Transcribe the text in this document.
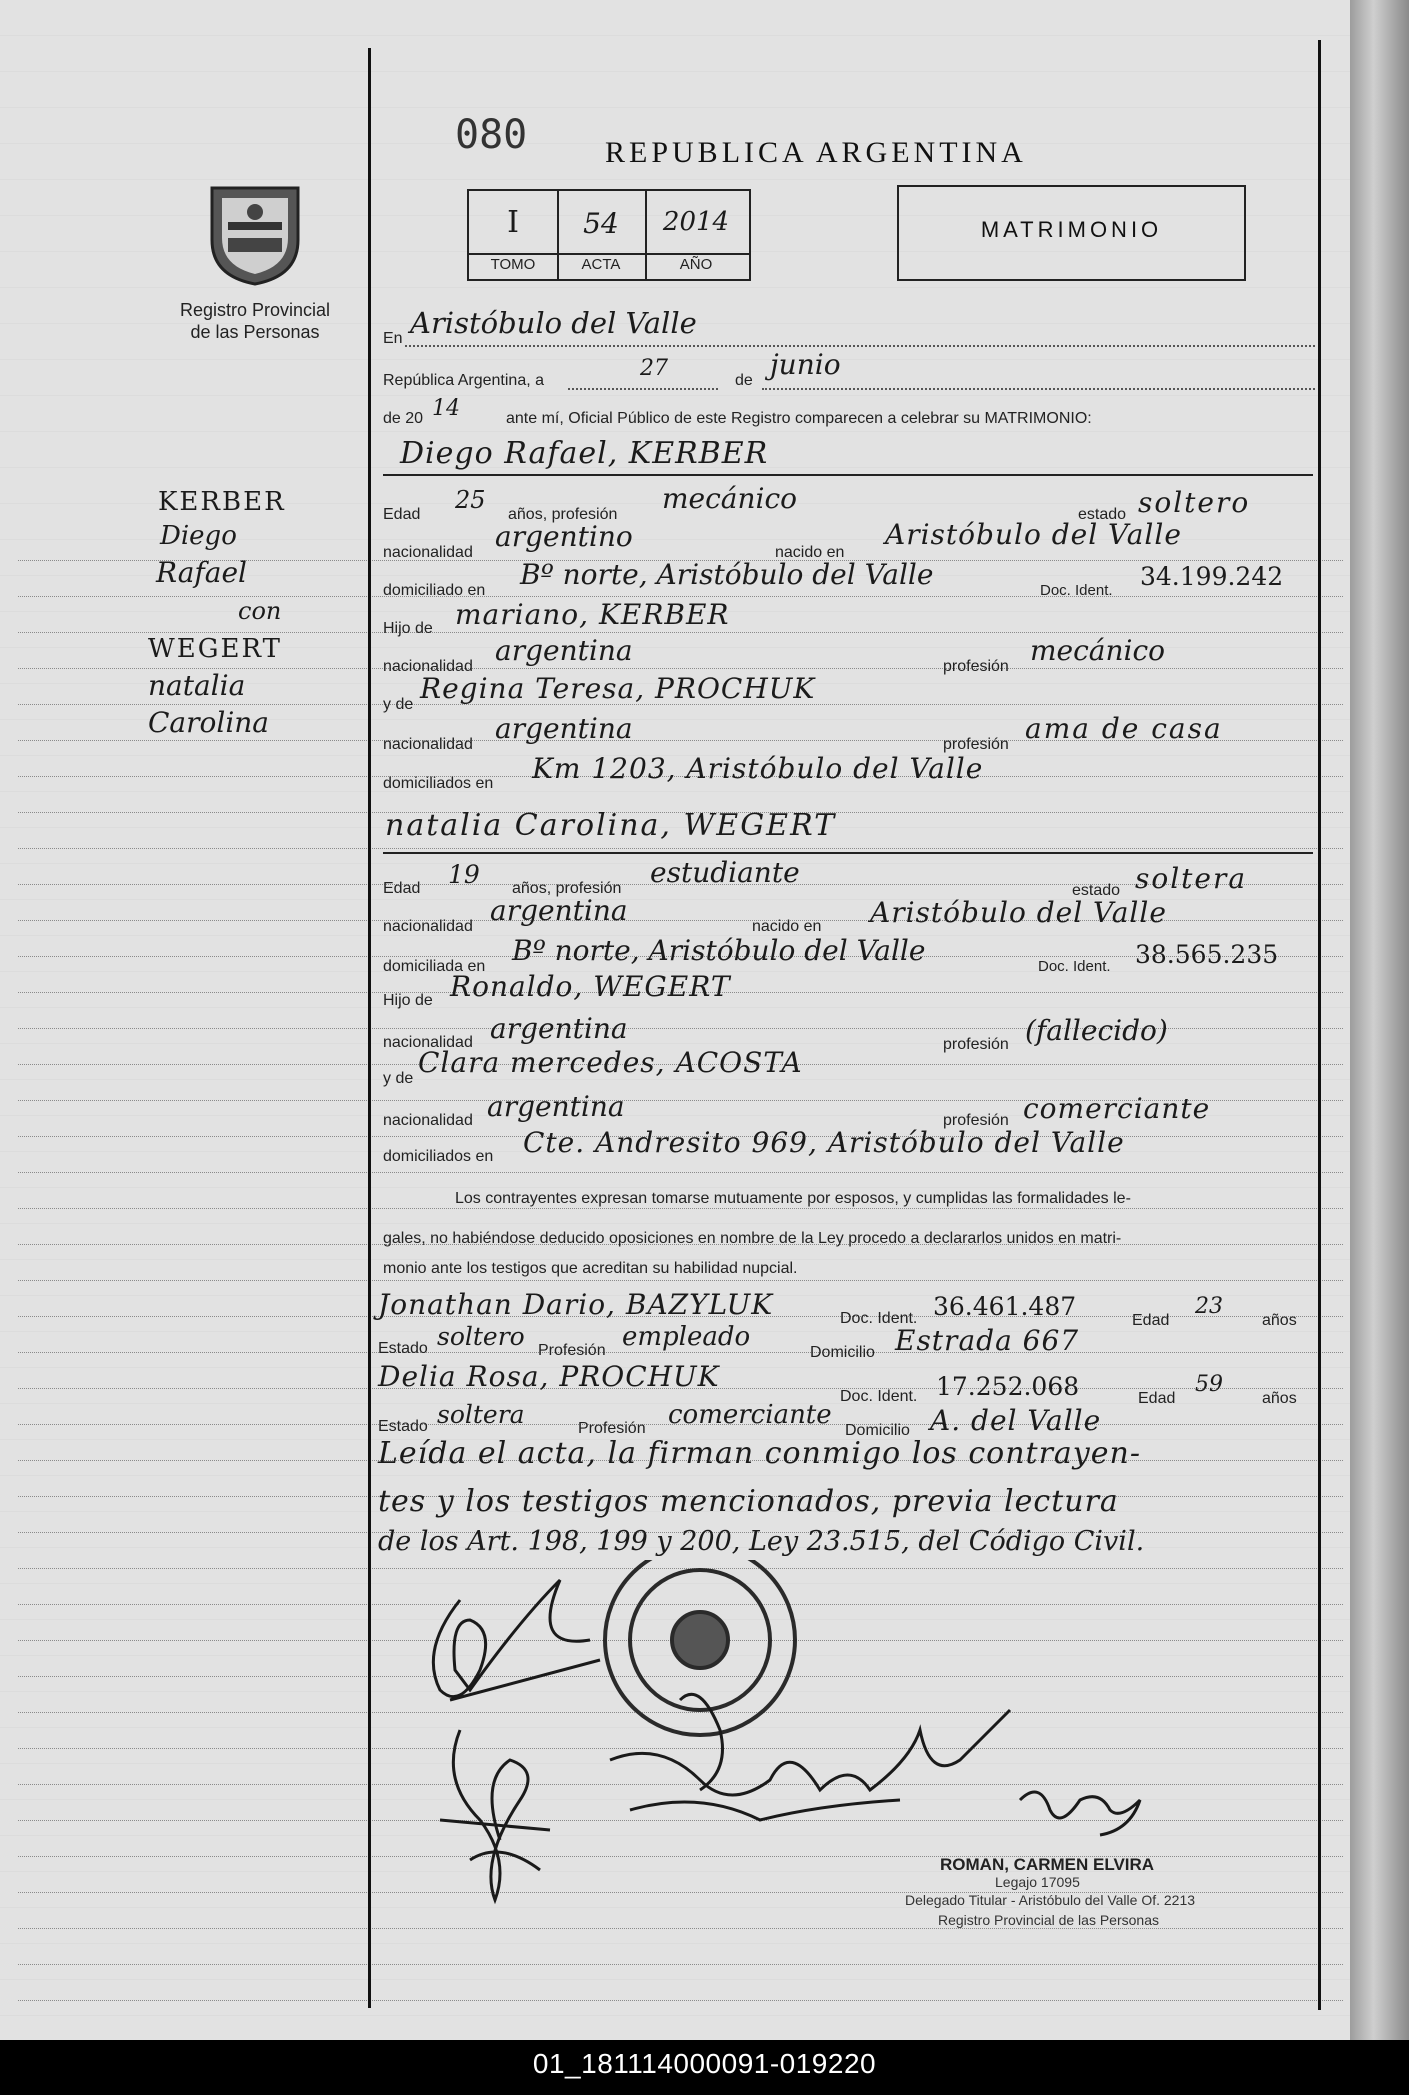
080	REPUBLICA ARGENTINA
I	54	2014
TOMO	ACTA	AÑO
MATRIMONIO
Registro Provincial
de las Personas
KERBER
Diego
Rafael
con
WEGERT
natalia
Carolina
En Aristóbulo del Valle
República Argentina, a	27	de junio
de 20 14	ante mí, Oficial Público de este Registro comparecen a celebrar su MATRIMONIO:
Diego Rafael, KERBER
Edad
25
años, profesión mecánico	estado soltero
nacionalidad argentino	nacido en
Aristóbulo del Valle
domiciliado en Bº norte, Aristóbulo del Valle	Doc. Ident. 34.199.242
Hijo de mariano, KERBER
nacionalidad argentina	profesión mecánico
y de Regina Teresa, PROCHUK
nacionalidad argentina	profesión ama de casa
domiciliados en Km 1203, Aristóbulo del Valle
natalia Carolina, WEGERT
Edad 19 años, profesión estudiante
estado soltera
nacionalidad argentina	nacido en Aristóbulo del Valle
domiciliada en Bº norte, Aristóbulo del Valle	Doc. Ident. 38.565.235
Hijo de Ronaldo, WEGERT
nacionalidad argentina	profesión (fallecido)
y de Clara mercedes, ACOSTA
nacionalidad argentina	profesión comerciante
domiciliados en Cte. Andresito 969, Aristóbulo del Valle
Los contrayentes expresan tomarse mutuamente por esposos, y cumplidas las formalidades le-
gales, no habiéndose deducido oposiciones en nombre de la Ley procedo a declararlos unidos en matri-
monio ante los testigos que acreditan su habilidad nupcial.
Jonathan Dario, BAZYLUK	Doc. Ident. 36.461.487	Edad
23
años
Estado soltero Profesión empleado
Domicilio Estrada 667
Delia Rosa, PROCHUK
Doc. Ident. 17.252.068	Edad
59
años
Estado soltera	Profesión comerciante
Domicilio A. del Valle
Leída el acta, la firman conmigo los contrayen-
tes y los testigos mencionados, previa lectura
de los Art. 198, 199 y 200, Ley 23.515, del Código Civil.
ROMAN, CARMEN ELVIRA
Legajo 17095
Delegado Titular - Aristóbulo del Valle Of. 2213
Registro Provincial de las Personas
01_181114000091-019220
